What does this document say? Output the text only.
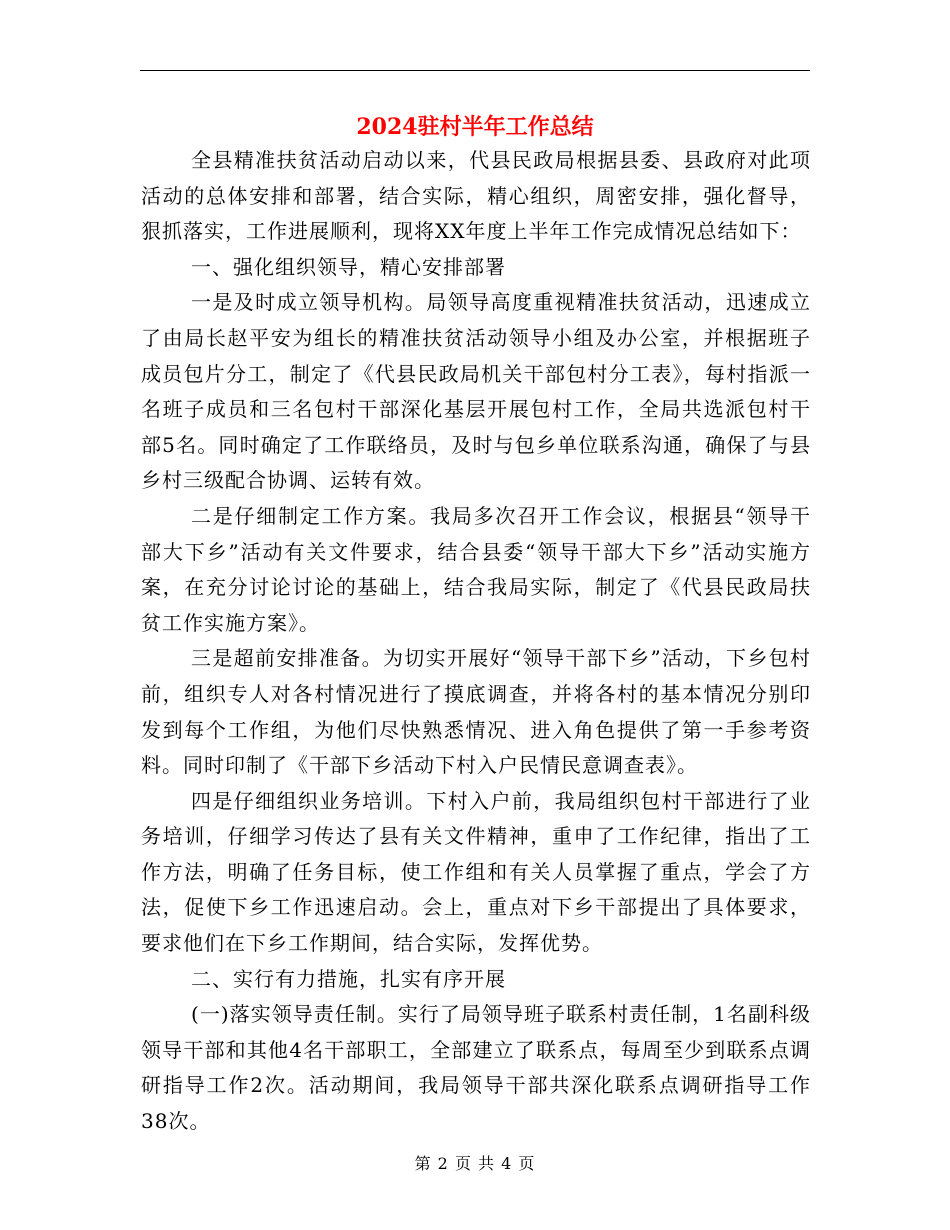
2024驻村半年工作总结

全县精准扶贫活动启动以来，代县民政局根据县委、县政府对此项活动的总体安排和部署，结合实际，精心组织，周密安排，强化督导，狠抓落实，工作进展顺利，现将XX年度上半年工作完成情况总结如下：

一、强化组织领导，精心安排部署

一是及时成立领导机构。局领导高度重视精准扶贫活动，迅速成立了由局长赵平安为组长的精准扶贫活动领导小组及办公室，并根据班子成员包片分工，制定了《代县民政局机关干部包村分工表》，每村指派一名班子成员和三名包村干部深化基层开展包村工作，全局共选派包村干部5名。同时确定了工作联络员，及时与包乡单位联系沟通，确保了与县乡村三级配合协调、运转有效。

二是仔细制定工作方案。我局多次召开工作会议，根据县“领导干部大下乡”活动有关文件要求，结合县委“领导干部大下乡”活动实施方案，在充分讨论讨论的基础上，结合我局实际，制定了《代县民政局扶贫工作实施方案》。

三是超前安排准备。为切实开展好“领导干部下乡”活动，下乡包村前，组织专人对各村情况进行了摸底调查，并将各村的基本情况分别印发到每个工作组，为他们尽快熟悉情况、进入角色提供了第一手参考资料。同时印制了《干部下乡活动下村入户民情民意调查表》。

四是仔细组织业务培训。下村入户前，我局组织包村干部进行了业务培训，仔细学习传达了县有关文件精神，重申了工作纪律，指出了工作方法，明确了任务目标，使工作组和有关人员掌握了重点，学会了方法，促使下乡工作迅速启动。会上，重点对下乡干部提出了具体要求，要求他们在下乡工作期间，结合实际，发挥优势。

二、实行有力措施，扎实有序开展

(一)落实领导责任制。实行了局领导班子联系村责任制，1名副科级领导干部和其他4名干部职工，全部建立了联系点，每周至少到联系点调研指导工作2次。活动期间，我局领导干部共深化联系点调研指导工作38次。

第 2 页 共 4 页
